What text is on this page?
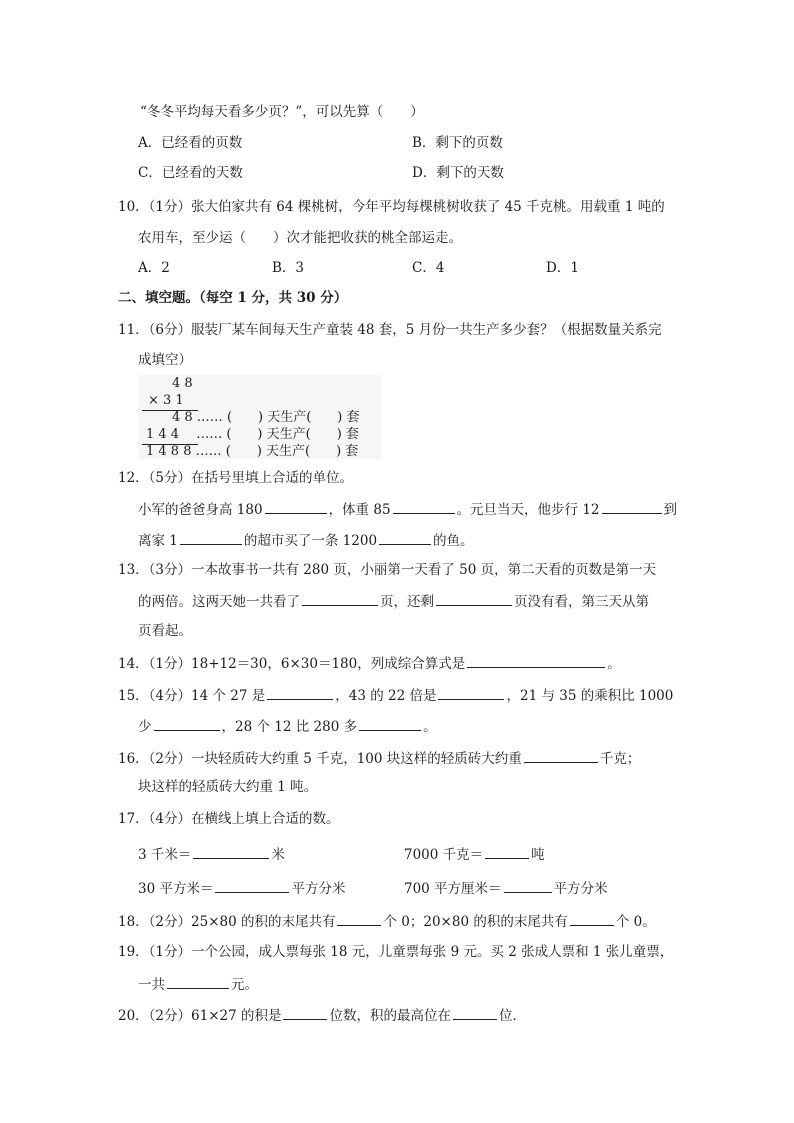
“冬冬平均每天看多少页？”，可以先算（　　）
A．已经看的页数	B．剩下的页数
C．已经看的天数	D．剩下的天数
10．（1分）张大伯家共有 64 棵桃树，今年平均每棵桃树收获了 45 千克桃。用载重 1 吨的
农用车，至少运（　　）次才能把收获的桃全部运走。
A．2	B．3	C．4	D．1
二、填空题。（每空 1 分，共 30 分）
11．（6分）服装厂某车间每天生产童装 48 套，5 月份一共生产多少套？（根据数量关系完
成填空）
4 8
× 3 1
4 8 …… (　　) 天生产(　　) 套
1 4 4 　…… (　　) 天生产(　　) 套
1 4 8 8 …… (　　) 天生产(　　) 套
12．（5分）在括号里填上合适的单位。
小军的爸爸身高 180	，体重 85	。元旦当天，他步行 12	到
离家 1	的超市买了一条 1200	的鱼。
13．（3分）一本故事书一共有 280 页，小丽第一天看了 50 页，第二天看的页数是第一天
的两倍。这两天她一共看了	页，还剩	页没有看，第三天从第
页看起。
14．（1分）18+12＝30，6×30＝180，列成综合算式是	。
15．（4分）14 个 27 是	，43 的 22 倍是	，21 与 35 的乘积比 1000
少	，28 个 12 比 280 多	。
16．（2分）一块轻质砖大约重 5 千克，100 块这样的轻质砖大约重	千克；
块这样的轻质砖大约重 1 吨。
17．（4分）在横线上填上合适的数。
3 千米＝	米	7000 千克＝	吨
30 平方米＝	平方分米	700 平方厘米＝	平方分米
18．（2分）25×80 的积的末尾共有	个 0；20×80 的积的末尾共有	个 0。
19．（1分）一个公园，成人票每张 18 元，儿童票每张 9 元。买 2 张成人票和 1 张儿童票，
一共	元。
20．（2分）61×27 的积是	位数，积的最高位在	位．
